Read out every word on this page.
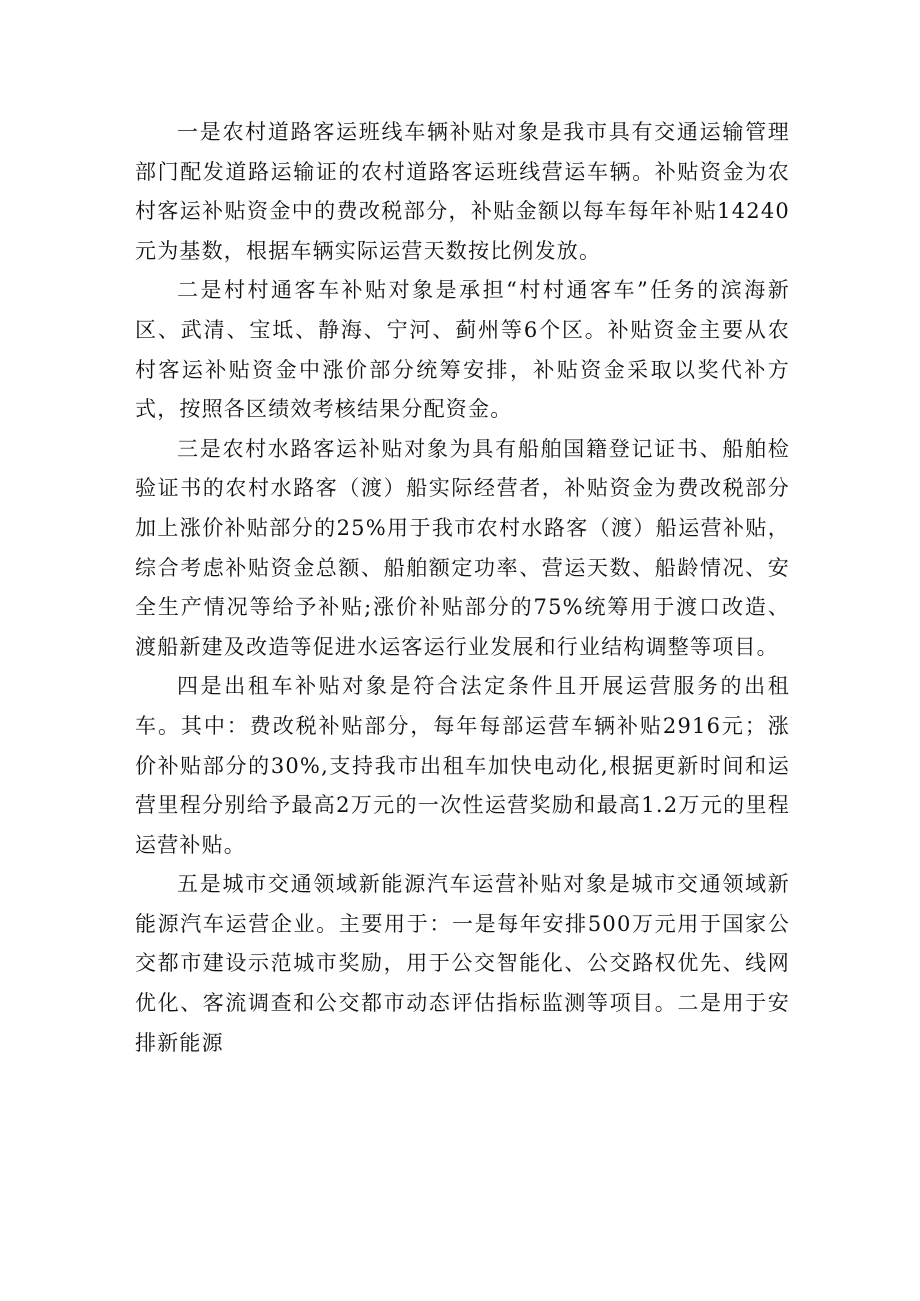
一是农村道路客运班线车辆补贴对象是我市具有交通运输管理部门配发道路运输证的农村道路客运班线营运车辆。补贴资金为农村客运补贴资金中的费改税部分，补贴金额以每车每年补贴14240元为基数，根据车辆实际运营天数按比例发放。

二是村村通客车补贴对象是承担“村村通客车”任务的滨海新区、武清、宝坻、静海、宁河、蓟州等6个区。补贴资金主要从农村客运补贴资金中涨价部分统筹安排，补贴资金采取以奖代补方式，按照各区绩效考核结果分配资金。

三是农村水路客运补贴对象为具有船舶国籍登记证书、船舶检验证书的农村水路客（渡）船实际经营者，补贴资金为费改税部分加上涨价补贴部分的25%用于我市农村水路客（渡）船运营补贴，综合考虑补贴资金总额、船舶额定功率、营运天数、船龄情况、安全生产情况等给予补贴;涨价补贴部分的75%统筹用于渡口改造、渡船新建及改造等促进水运客运行业发展和行业结构调整等项目。

四是出租车补贴对象是符合法定条件且开展运营服务的出租车。其中：费改税补贴部分，每年每部运营车辆补贴2916元；涨价补贴部分的30%,支持我市出租车加快电动化,根据更新时间和运营里程分别给予最高2万元的一次性运营奖励和最高1.2万元的里程运营补贴。

五是城市交通领域新能源汽车运营补贴对象是城市交通领域新能源汽车运营企业。主要用于：一是每年安排500万元用于国家公交都市建设示范城市奖励，用于公交智能化、公交路权优先、线网优化、客流调查和公交都市动态评估指标监测等项目。二是用于安排新能源
